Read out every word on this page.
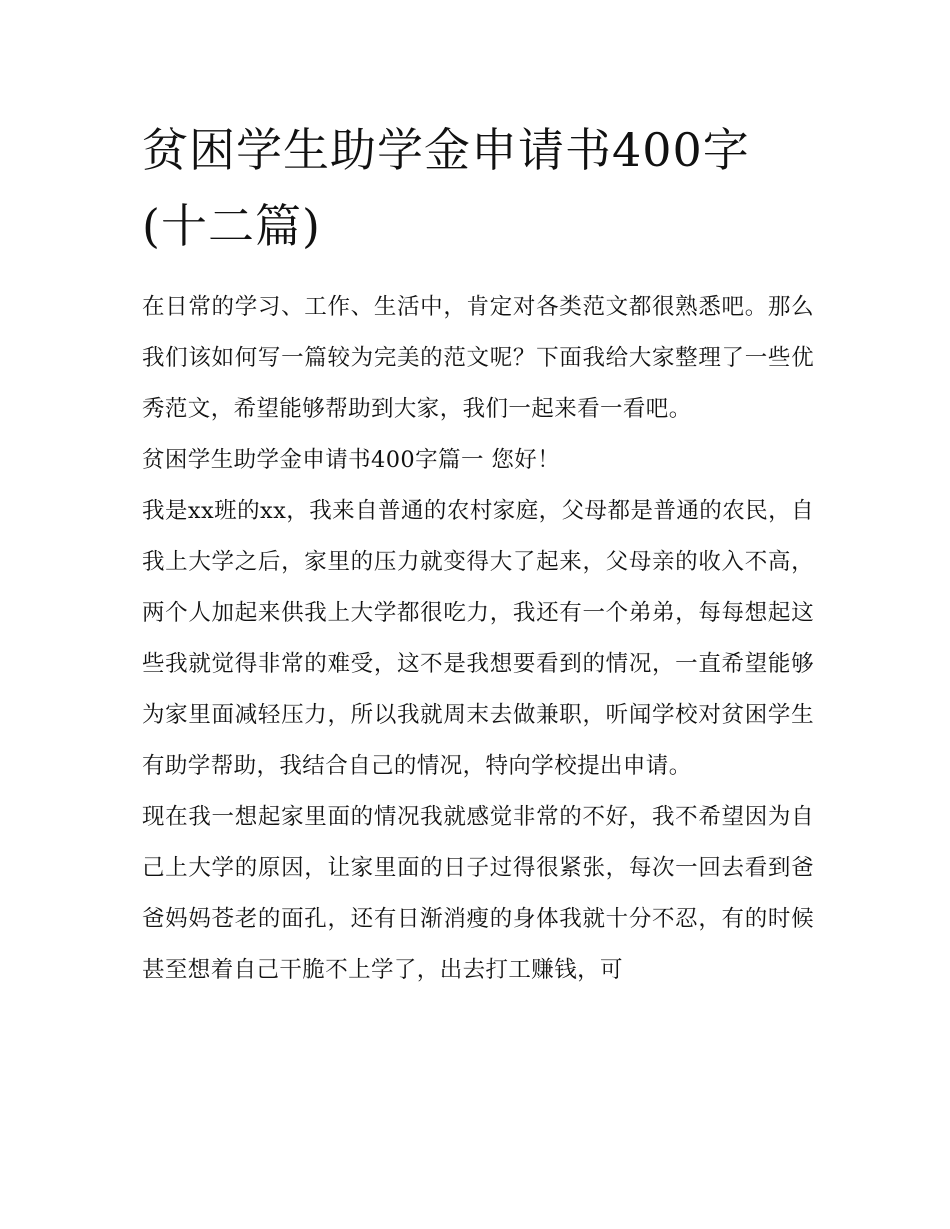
贫困学生助学金申请书400字(十二篇)

在日常的学习、工作、生活中，肯定对各类范文都很熟悉吧。那么我们该如何写一篇较为完美的范文呢？下面我给大家整理了一些优秀范文，希望能够帮助到大家，我们一起来看一看吧。

贫困学生助学金申请书400字篇一 您好！

我是xx班的xx，我来自普通的农村家庭，父母都是普通的农民，自我上大学之后，家里的压力就变得大了起来，父母亲的收入不高，两个人加起来供我上大学都很吃力，我还有一个弟弟，每每想起这些我就觉得非常的难受，这不是我想要看到的情况，一直希望能够为家里面减轻压力，所以我就周末去做兼职，听闻学校对贫困学生有助学帮助，我结合自己的情况，特向学校提出申请。

现在我一想起家里面的情况我就感觉非常的不好，我不希望因为自己上大学的原因，让家里面的日子过得很紧张，每次一回去看到爸爸妈妈苍老的面孔，还有日渐消瘦的身体我就十分不忍，有的时候甚至想着自己干脆不上学了，出去打工赚钱，可
